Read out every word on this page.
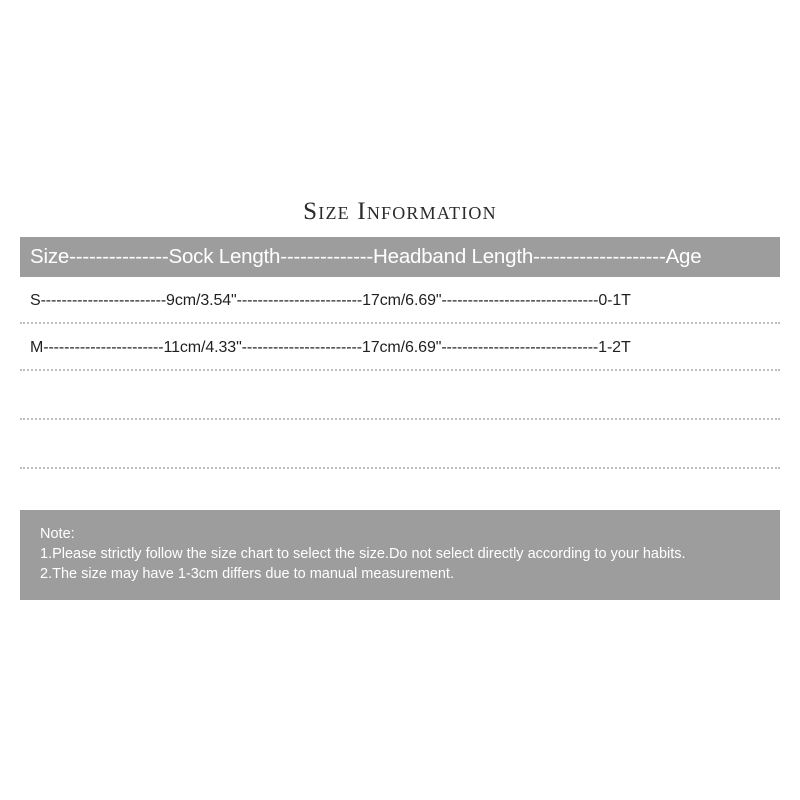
Size Information
Size---------------Sock Length--------------Headband Length--------------------Age
S------------------------9cm/3.54"------------------------17cm/6.69"------------------------------0-1T
M-----------------------11cm/4.33"-----------------------17cm/6.69"------------------------------1-2T
Note:
1.Please strictly follow the size chart to select the size.Do not select directly according to your habits.
2.The size may have 1-3cm differs due to manual measurement.
